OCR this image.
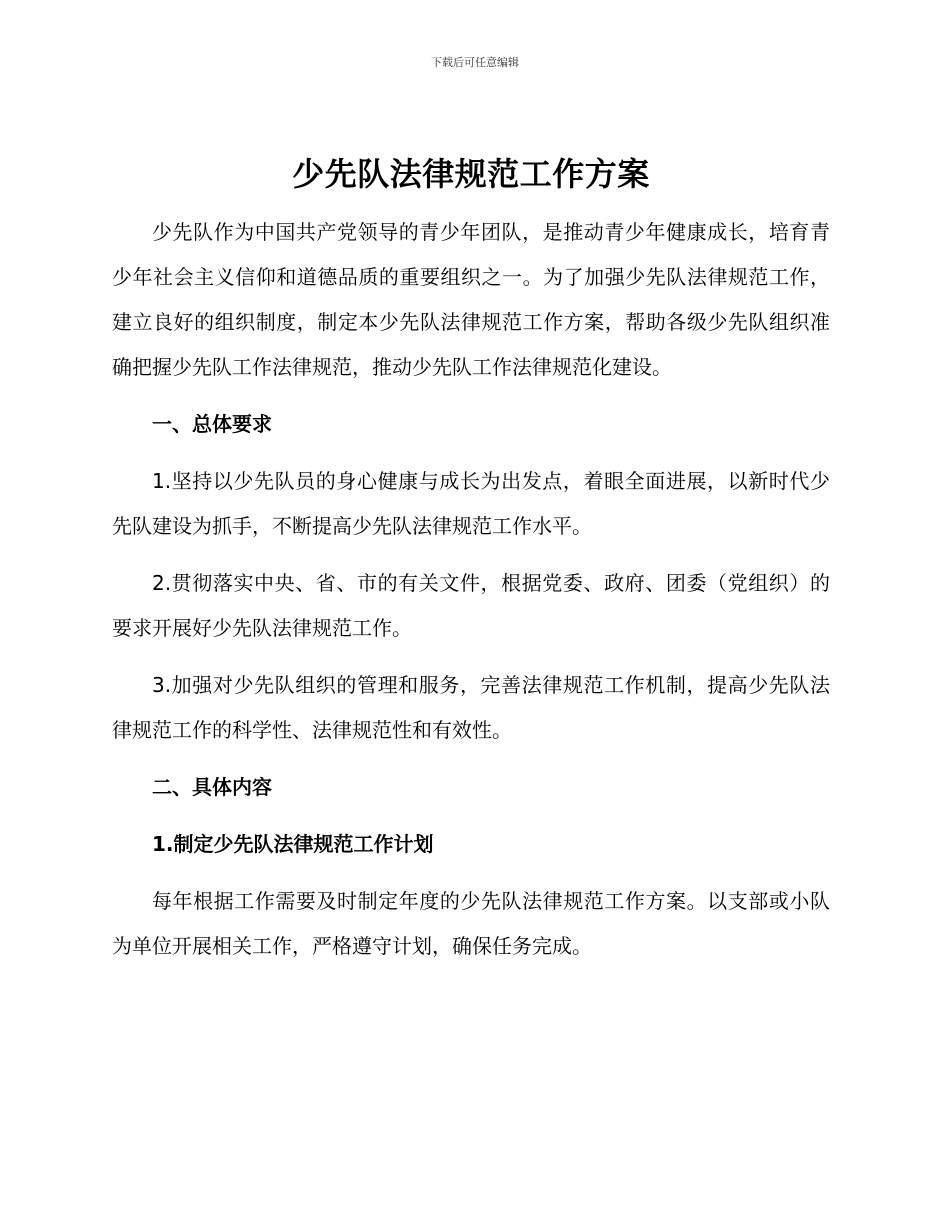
下载后可任意编辑
少先队法律规范工作方案

少先队作为中国共产党领导的青少年团队，是推动青少年健康成长，培育青少年社会主义信仰和道德品质的重要组织之一。为了加强少先队法律规范工作，建立良好的组织制度，制定本少先队法律规范工作方案，帮助各级少先队组织准确把握少先队工作法律规范，推动少先队工作法律规范化建设。

一、总体要求

1.坚持以少先队员的身心健康与成长为出发点，着眼全面进展，以新时代少先队建设为抓手，不断提高少先队法律规范工作水平。

2.贯彻落实中央、省、市的有关文件，根据党委、政府、团委（党组织）的要求开展好少先队法律规范工作。

3.加强对少先队组织的管理和服务，完善法律规范工作机制，提高少先队法律规范工作的科学性、法律规范性和有效性。

二、具体内容

1.制定少先队法律规范工作计划

每年根据工作需要及时制定年度的少先队法律规范工作方案。以支部或小队为单位开展相关工作，严格遵守计划，确保任务完成。
